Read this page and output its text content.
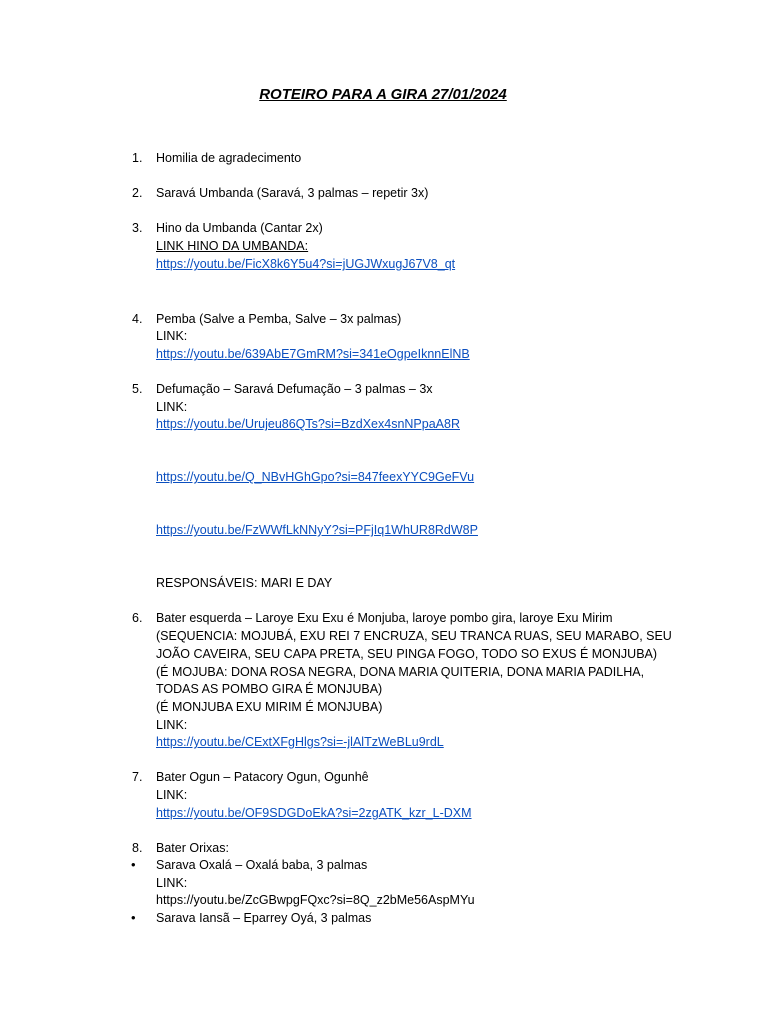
ROTEIRO PARA A GIRA 27/01/2024
1. Homilia de agradecimento
2. Saravá Umbanda (Saravá, 3 palmas – repetir 3x)
3. Hino da Umbanda (Cantar 2x)
LINK HINO DA UMBANDA:
https://youtu.be/FicX8k6Y5u4?si=jUGJWxugJ67V8_qt
4. Pemba (Salve a Pemba, Salve – 3x palmas)
LINK:
https://youtu.be/639AbE7GmRM?si=341eOgpeIknnElNB
5. Defumação – Saravá Defumação – 3 palmas – 3x
LINK:
https://youtu.be/Urujeu86QTs?si=BzdXex4snNPpaA8R
https://youtu.be/Q_NBvHGhGpo?si=847feexYYC9GeFVu
https://youtu.be/FzWWfLkNNyY?si=PFjIq1WhUR8RdW8P
RESPONSÁVEIS: MARI E DAY
6. Bater esquerda – Laroye Exu Exu é Monjuba, laroye pombo gira, laroye Exu Mirim
(SEQUENCIA: MOJUBÁ, EXU REI 7 ENCRUZA, SEU TRANCA RUAS, SEU MARABO, SEU
JOÃO CAVEIRA, SEU CAPA PRETA, SEU PINGA FOGO, TODO SO EXUS É MONJUBA)
(É MOJUBA: DONA ROSA NEGRA, DONA MARIA QUITERIA, DONA MARIA PADILHA,
TODAS AS POMBO GIRA É MONJUBA)
(É MONJUBA EXU MIRIM É MONJUBA)
LINK:
https://youtu.be/CExtXFgHlgs?si=-jlAlTzWeBLu9rdL
7. Bater Ogun – Patacory Ogun, Ogunhê
LINK:
https://youtu.be/OF9SDGDoEkA?si=2zgATK_kzr_L-DXM
8. Bater Orixas:
• Sarava Oxalá – Oxalá baba, 3 palmas
LINK:
https://youtu.be/ZcGBwpgFQxc?si=8Q_z2bMe56AspMYu
• Sarava Iansã – Eparrey Oyá, 3 palmas
